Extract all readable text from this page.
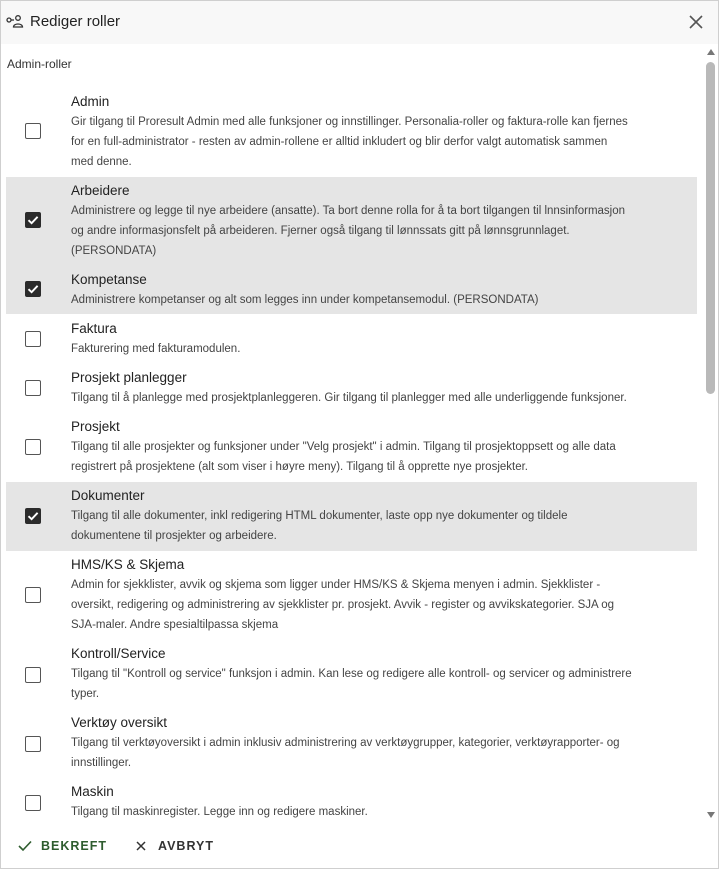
Rediger roller
Admin-roller
Admin
Gir tilgang til Proresult Admin med alle funksjoner og innstillinger. Personalia-roller og faktura-rolle kan fjernes
for en full-administrator - resten av admin-rollene er alltid inkludert og blir derfor valgt automatisk sammen
med denne.
Arbeidere
Administrere og legge til nye arbeidere (ansatte). Ta bort denne rolla for å ta bort tilgangen til lnnsinformasjon
og andre informasjonsfelt på arbeideren. Fjerner også tilgang til lønnssats gitt på lønnsgrunnlaget.
(PERSONDATA)
Kompetanse
Administrere kompetanser og alt som legges inn under kompetansemodul. (PERSONDATA)
Faktura
Fakturering med fakturamodulen.
Prosjekt planlegger
Tilgang til å planlegge med prosjektplanleggeren. Gir tilgang til planlegger med alle underliggende funksjoner.
Prosjekt
Tilgang til alle prosjekter og funksjoner under "Velg prosjekt" i admin. Tilgang til prosjektoppsett og alle data
registrert på prosjektene (alt som viser i høyre meny). Tilgang til å opprette nye prosjekter.
Dokumenter
Tilgang til alle dokumenter, inkl redigering HTML dokumenter, laste opp nye dokumenter og tildele
dokumentene til prosjekter og arbeidere.
HMS/KS & Skjema
Admin for sjekklister, avvik og skjema som ligger under HMS/KS & Skjema menyen i admin. Sjekklister -
oversikt, redigering og administrering av sjekklister pr. prosjekt. Avvik - register og avvikskategorier. SJA og
SJA-maler. Andre spesialtilpassa skjema
Kontroll/Service
Tilgang til "Kontroll og service" funksjon i admin. Kan lese og redigere alle kontroll- og servicer og administrere
typer.
Verktøy oversikt
Tilgang til verktøyoversikt i admin inklusiv administrering av verktøygrupper, kategorier, verktøyrapporter- og
innstillinger.
Maskin
Tilgang til maskinregister. Legge inn og redigere maskiner.
BEKREFT	AVBRYT
